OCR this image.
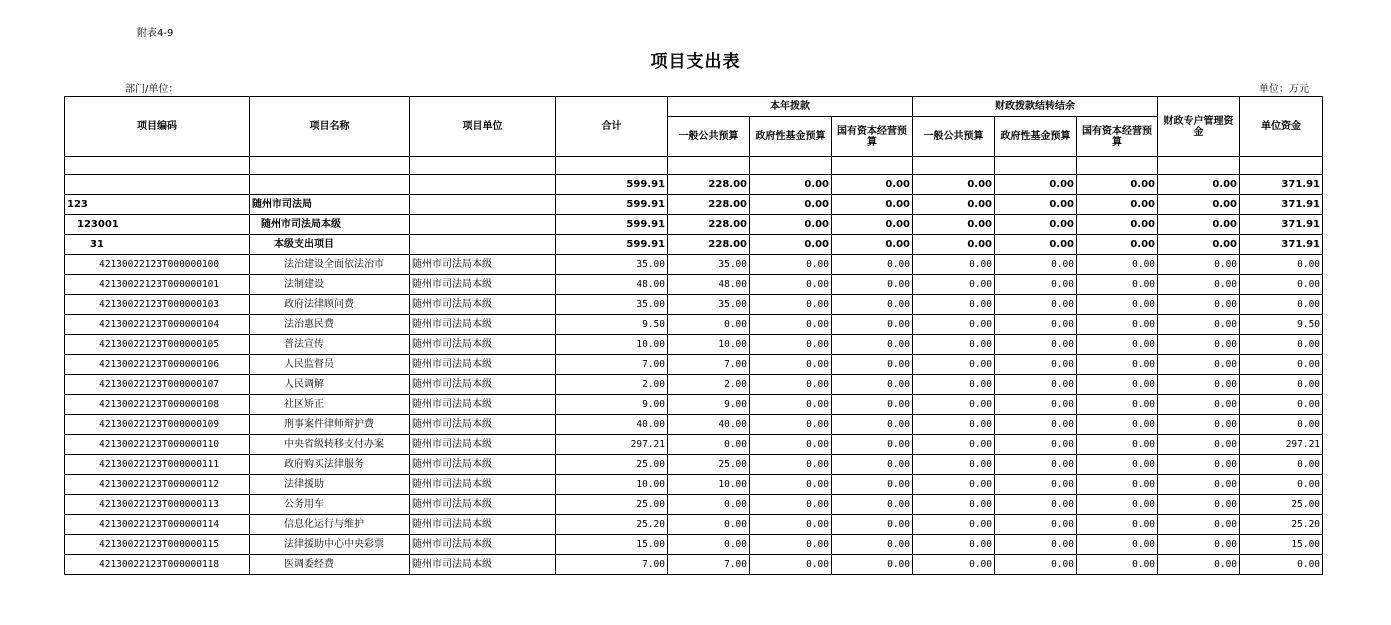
附表4-9
项目支出表
部门/单位：	单位：万元
项目编码	项目名称	项目单位	合计	本年拨款			财政拨款结转结余			财政专户管理资金	单位资金
				一般公共预算	政府性基金预算	国有资本经营预算	一般公共预算	政府性基金预算	国有资本经营预算		

			599.91	228.00	0.00	0.00	0.00	0.00	0.00	0.00	371.91
123	随州市司法局		599.91	228.00	0.00	0.00	0.00	0.00	0.00	0.00	371.91
123001	随州市司法局本级		599.91	228.00	0.00	0.00	0.00	0.00	0.00	0.00	371.91
31	本级支出项目		599.91	228.00	0.00	0.00	0.00	0.00	0.00	0.00	371.91
42130022123T000000100	法治建设全面依法治市	随州市司法局本级	35.00	35.00	0.00	0.00	0.00	0.00	0.00	0.00	0.00
42130022123T000000101	法制建设	随州市司法局本级	48.00	48.00	0.00	0.00	0.00	0.00	0.00	0.00	0.00
42130022123T000000103	政府法律顾问费	随州市司法局本级	35.00	35.00	0.00	0.00	0.00	0.00	0.00	0.00	0.00
42130022123T000000104	法治惠民费	随州市司法局本级	9.50	0.00	0.00	0.00	0.00	0.00	0.00	0.00	9.50
42130022123T000000105	普法宣传	随州市司法局本级	10.00	10.00	0.00	0.00	0.00	0.00	0.00	0.00	0.00
42130022123T000000106	人民监督员	随州市司法局本级	7.00	7.00	0.00	0.00	0.00	0.00	0.00	0.00	0.00
42130022123T000000107	人民调解	随州市司法局本级	2.00	2.00	0.00	0.00	0.00	0.00	0.00	0.00	0.00
42130022123T000000108	社区矫正	随州市司法局本级	9.00	9.00	0.00	0.00	0.00	0.00	0.00	0.00	0.00
42130022123T000000109	刑事案件律师辩护费	随州市司法局本级	40.00	40.00	0.00	0.00	0.00	0.00	0.00	0.00	0.00
42130022123T000000110	中央省级转移支付办案	随州市司法局本级	297.21	0.00	0.00	0.00	0.00	0.00	0.00	0.00	297.21
42130022123T000000111	政府购买法律服务	随州市司法局本级	25.00	25.00	0.00	0.00	0.00	0.00	0.00	0.00	0.00
42130022123T000000112	法律援助	随州市司法局本级	10.00	10.00	0.00	0.00	0.00	0.00	0.00	0.00	0.00
42130022123T000000113	公务用车	随州市司法局本级	25.00	0.00	0.00	0.00	0.00	0.00	0.00	0.00	25.00
42130022123T000000114	信息化运行与维护	随州市司法局本级	25.20	0.00	0.00	0.00	0.00	0.00	0.00	0.00	25.20
42130022123T000000115	法律援助中心中央彩票	随州市司法局本级	15.00	0.00	0.00	0.00	0.00	0.00	0.00	0.00	15.00
42130022123T000000118	医调委经费	随州市司法局本级	7.00	7.00	0.00	0.00	0.00	0.00	0.00	0.00	0.00
